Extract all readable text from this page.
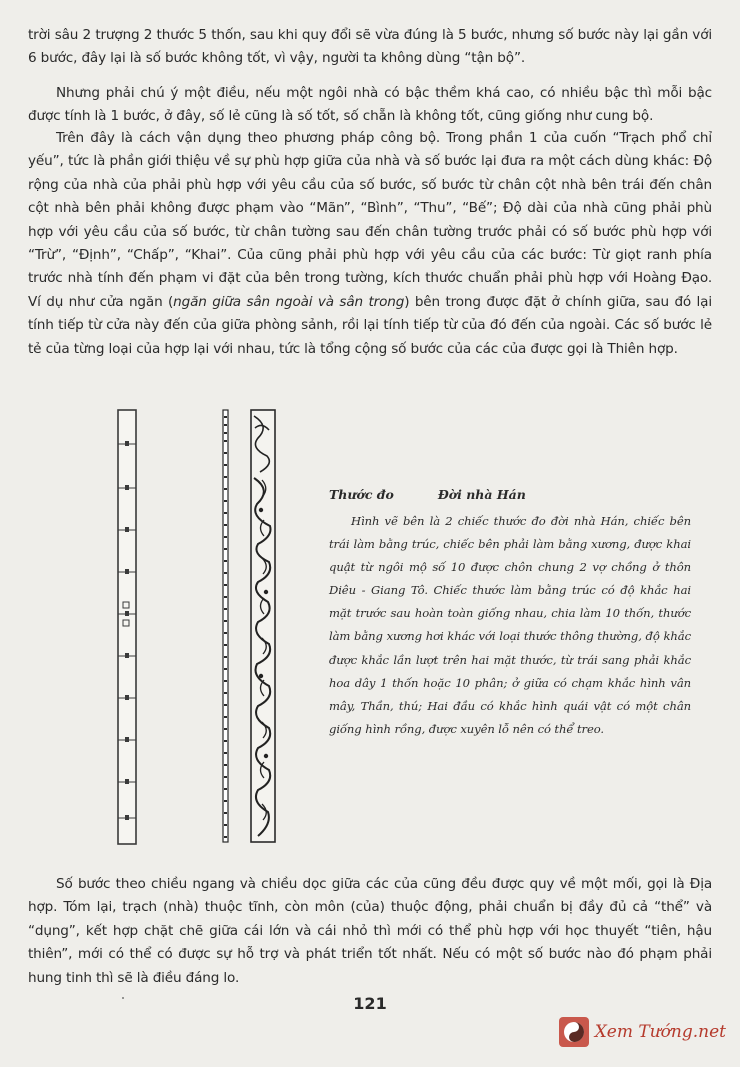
trời sâu 2 trượng 2 thước 5 thốn, sau khi quy đổi sẽ vừa đúng là 5 bước, nhưng số bước này lại gần với 6 bước, đây lại là số bước không tốt, vì vậy, người ta không dùng “tận bộ”.

Nhưng phải chú ý một điều, nếu một ngôi nhà có bậc thềm khá cao, có nhiều bậc thì mỗi bậc được tính là 1 bước, ở đây, số lẻ cũng là số tốt, số chẵn là không tốt, cũng giống như cung bộ.

Trên đây là cách vận dụng theo phương pháp công bộ. Trong phần 1 của cuốn “Trạch phổ chỉ yếu”, tức là phần giới thiệu về sự phù hợp giữa của nhà và số bước lại đưa ra một cách dùng khác: Độ rộng của nhà của phải phù hợp với yêu cầu của số bước, số bước từ chân cột nhà bên trái đến chân cột nhà bên phải không được phạm vào “Mãn”, “Bình”, “Thu”, “Bế”; Độ dài của nhà cũng phải phù hợp với yêu cầu của số bước, từ chân tường sau đến chân tường trước phải có số bước phù hợp với “Trừ”, “Định”, “Chấp”, “Khai”. Của cũng phải phù hợp với yêu cầu của các bước: Từ giọt ranh phía trước nhà tính đến phạm vi đặt của bên trong tường, kích thước chuẩn phải phù hợp với Hoàng Đạo. Ví dụ như cửa ngăn (ngăn giữa sân ngoài và sân trong) bên trong được đặt ở chính giữa, sau đó lại tính tiếp từ cửa này đến của giữa phòng sảnh, rồi lại tính tiếp từ của đó đến của ngoài. Các số bước lẻ tẻ của từng loại của hợp lại với nhau, tức là tổng cộng số bước của các của được gọi là Thiên hợp.

Thước đo	Đời nhà Hán

Hình vẽ bên là 2 chiếc thước đo đời nhà Hán, chiếc bên trái làm bằng trúc, chiếc bên phải làm bằng xương, được khai quật từ ngôi mộ số 10 được chôn chung 2 vợ chồng ở thôn Diêu - Giang Tô. Chiếc thước làm bằng trúc có độ khắc hai mặt trước sau hoàn toàn giống nhau, chia làm 10 thốn, thước làm bằng xương hơi khác với loại thước thông thường, độ khắc được khắc lần lượt trên hai mặt thước, từ trái sang phải khắc hoa dây 1 thốn hoặc 10 phân; ở giữa có chạm khắc hình vân mây, Thần, thú; Hai đầu có khắc hình quái vật có một chân giống hình rồng, được xuyên lỗ nên có thể treo.

Số bước theo chiều ngang và chiều dọc giữa các của cũng đều được quy về một mối, gọi là Địa hợp. Tóm lại, trạch (nhà) thuộc tĩnh, còn môn (của) thuộc động, phải chuẩn bị đầy đủ cả “thể” và “dụng”, kết hợp chặt chẽ giữa cái lớn và cái nhỏ thì mới có thể phù hợp với học thuyết “tiên, hậu thiên”, mới có thể có được sự hỗ trợ và phát triển tốt nhất. Nếu có một số bước nào đó phạm phải hung tinh thì sẽ là điều đáng lo.

121
Xem Tướng.net
